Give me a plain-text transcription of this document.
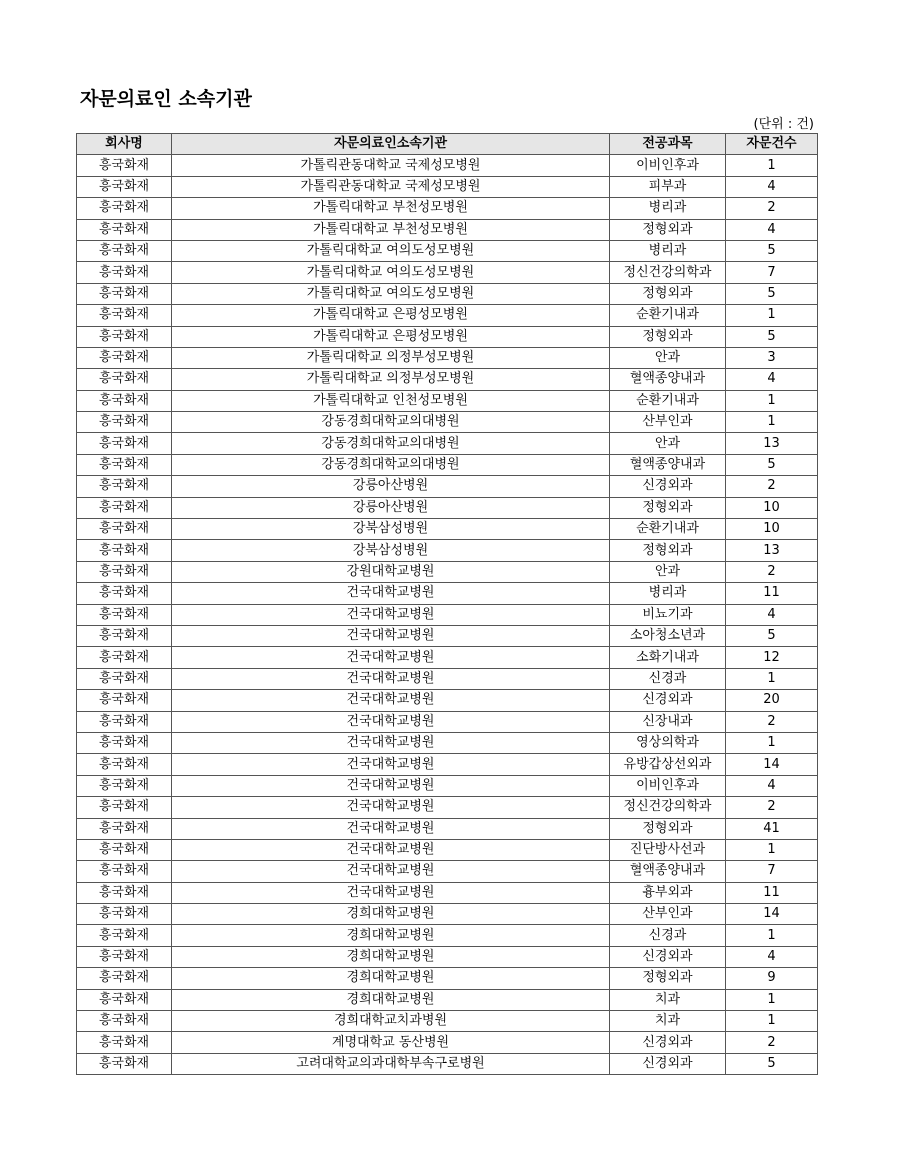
자문의료인 소속기관
(단위 : 건)
회사명	자문의료인소속기관	전공과목	자문건수
흥국화재	가톨릭관동대학교 국제성모병원	이비인후과	1
흥국화재	가톨릭관동대학교 국제성모병원	피부과	4
흥국화재	가톨릭대학교 부천성모병원	병리과	2
흥국화재	가톨릭대학교 부천성모병원	정형외과	4
흥국화재	가톨릭대학교 여의도성모병원	병리과	5
흥국화재	가톨릭대학교 여의도성모병원	정신건강의학과	7
흥국화재	가톨릭대학교 여의도성모병원	정형외과	5
흥국화재	가톨릭대학교 은평성모병원	순환기내과	1
흥국화재	가톨릭대학교 은평성모병원	정형외과	5
흥국화재	가톨릭대학교 의정부성모병원	안과	3
흥국화재	가톨릭대학교 의정부성모병원	혈액종양내과	4
흥국화재	가톨릭대학교 인천성모병원	순환기내과	1
흥국화재	강동경희대학교의대병원	산부인과	1
흥국화재	강동경희대학교의대병원	안과	13
흥국화재	강동경희대학교의대병원	혈액종양내과	5
흥국화재	강릉아산병원	신경외과	2
흥국화재	강릉아산병원	정형외과	10
흥국화재	강북삼성병원	순환기내과	10
흥국화재	강북삼성병원	정형외과	13
흥국화재	강원대학교병원	안과	2
흥국화재	건국대학교병원	병리과	11
흥국화재	건국대학교병원	비뇨기과	4
흥국화재	건국대학교병원	소아청소년과	5
흥국화재	건국대학교병원	소화기내과	12
흥국화재	건국대학교병원	신경과	1
흥국화재	건국대학교병원	신경외과	20
흥국화재	건국대학교병원	신장내과	2
흥국화재	건국대학교병원	영상의학과	1
흥국화재	건국대학교병원	유방갑상선외과	14
흥국화재	건국대학교병원	이비인후과	4
흥국화재	건국대학교병원	정신건강의학과	2
흥국화재	건국대학교병원	정형외과	41
흥국화재	건국대학교병원	진단방사선과	1
흥국화재	건국대학교병원	혈액종양내과	7
흥국화재	건국대학교병원	흉부외과	11
흥국화재	경희대학교병원	산부인과	14
흥국화재	경희대학교병원	신경과	1
흥국화재	경희대학교병원	신경외과	4
흥국화재	경희대학교병원	정형외과	9
흥국화재	경희대학교병원	치과	1
흥국화재	경희대학교치과병원	치과	1
흥국화재	계명대학교 동산병원	신경외과	2
흥국화재	고려대학교의과대학부속구로병원	신경외과	5
